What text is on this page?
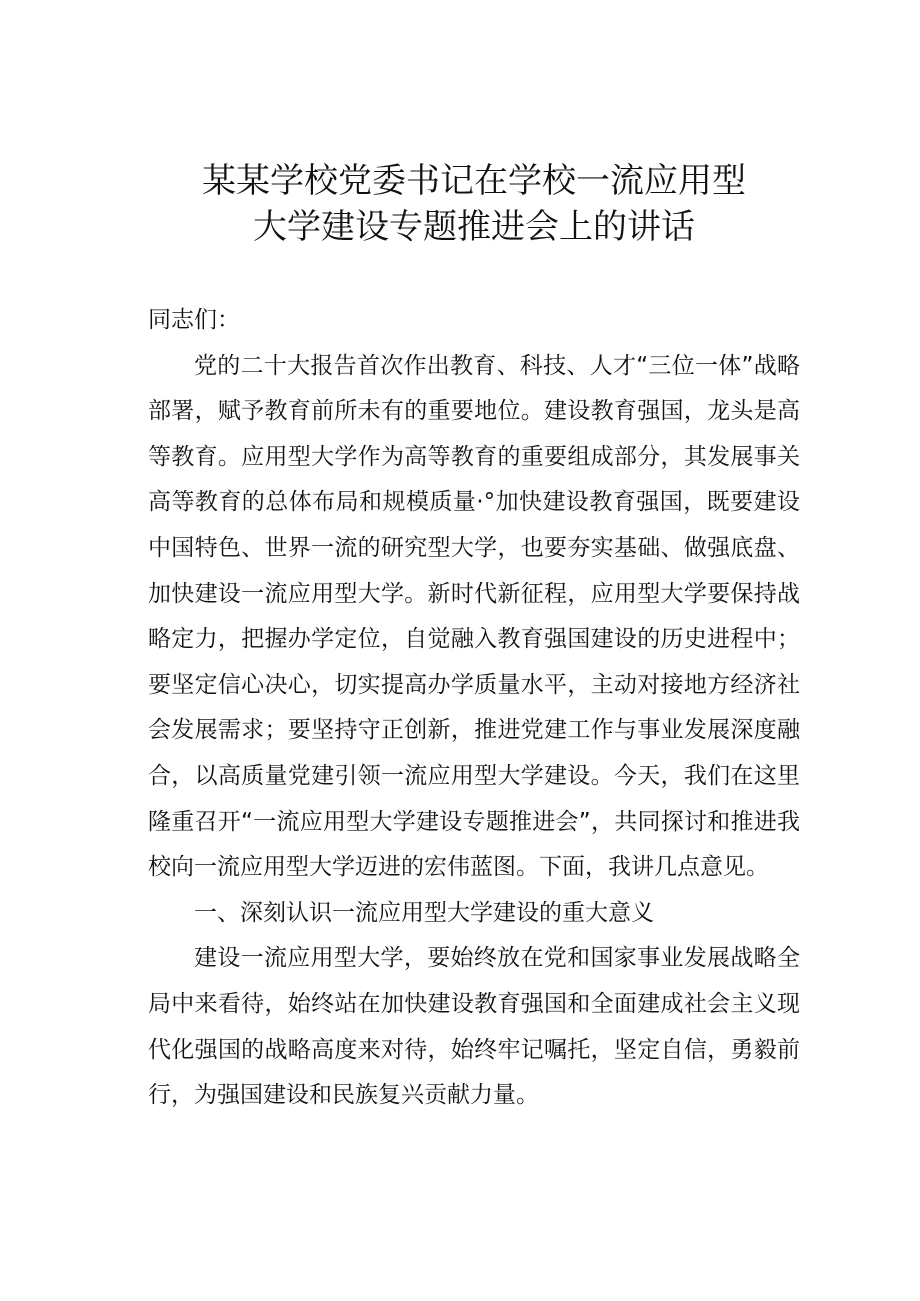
某某学校党委书记在学校一流应用型
大学建设专题推进会上的讲话

同志们：

党的二十大报告首次作出教育、科技、人才“三位一体”战略部署，赋予教育前所未有的重要地位。建设教育强国，龙头是高等教育。应用型大学作为高等教育的重要组成部分，其发展事关高等教育的总体布局和规模质量·°加快建设教育强国，既要建设中国特色、世界一流的研究型大学，也要夯实基础、做强底盘、加快建设一流应用型大学。新时代新征程，应用型大学要保持战略定力，把握办学定位，自觉融入教育强国建设的历史进程中；要坚定信心决心，切实提高办学质量水平，主动对接地方经济社会发展需求；要坚持守正创新，推进党建工作与事业发展深度融合，以高质量党建引领一流应用型大学建设。今天，我们在这里隆重召开“一流应用型大学建设专题推进会”，共同探讨和推进我校向一流应用型大学迈进的宏伟蓝图。下面，我讲几点意见。

一、深刻认识一流应用型大学建设的重大意义

建设一流应用型大学，要始终放在党和国家事业发展战略全局中来看待，始终站在加快建设教育强国和全面建成社会主义现代化强国的战略高度来对待，始终牢记嘱托，坚定自信，勇毅前行，为强国建设和民族复兴贡献力量。
